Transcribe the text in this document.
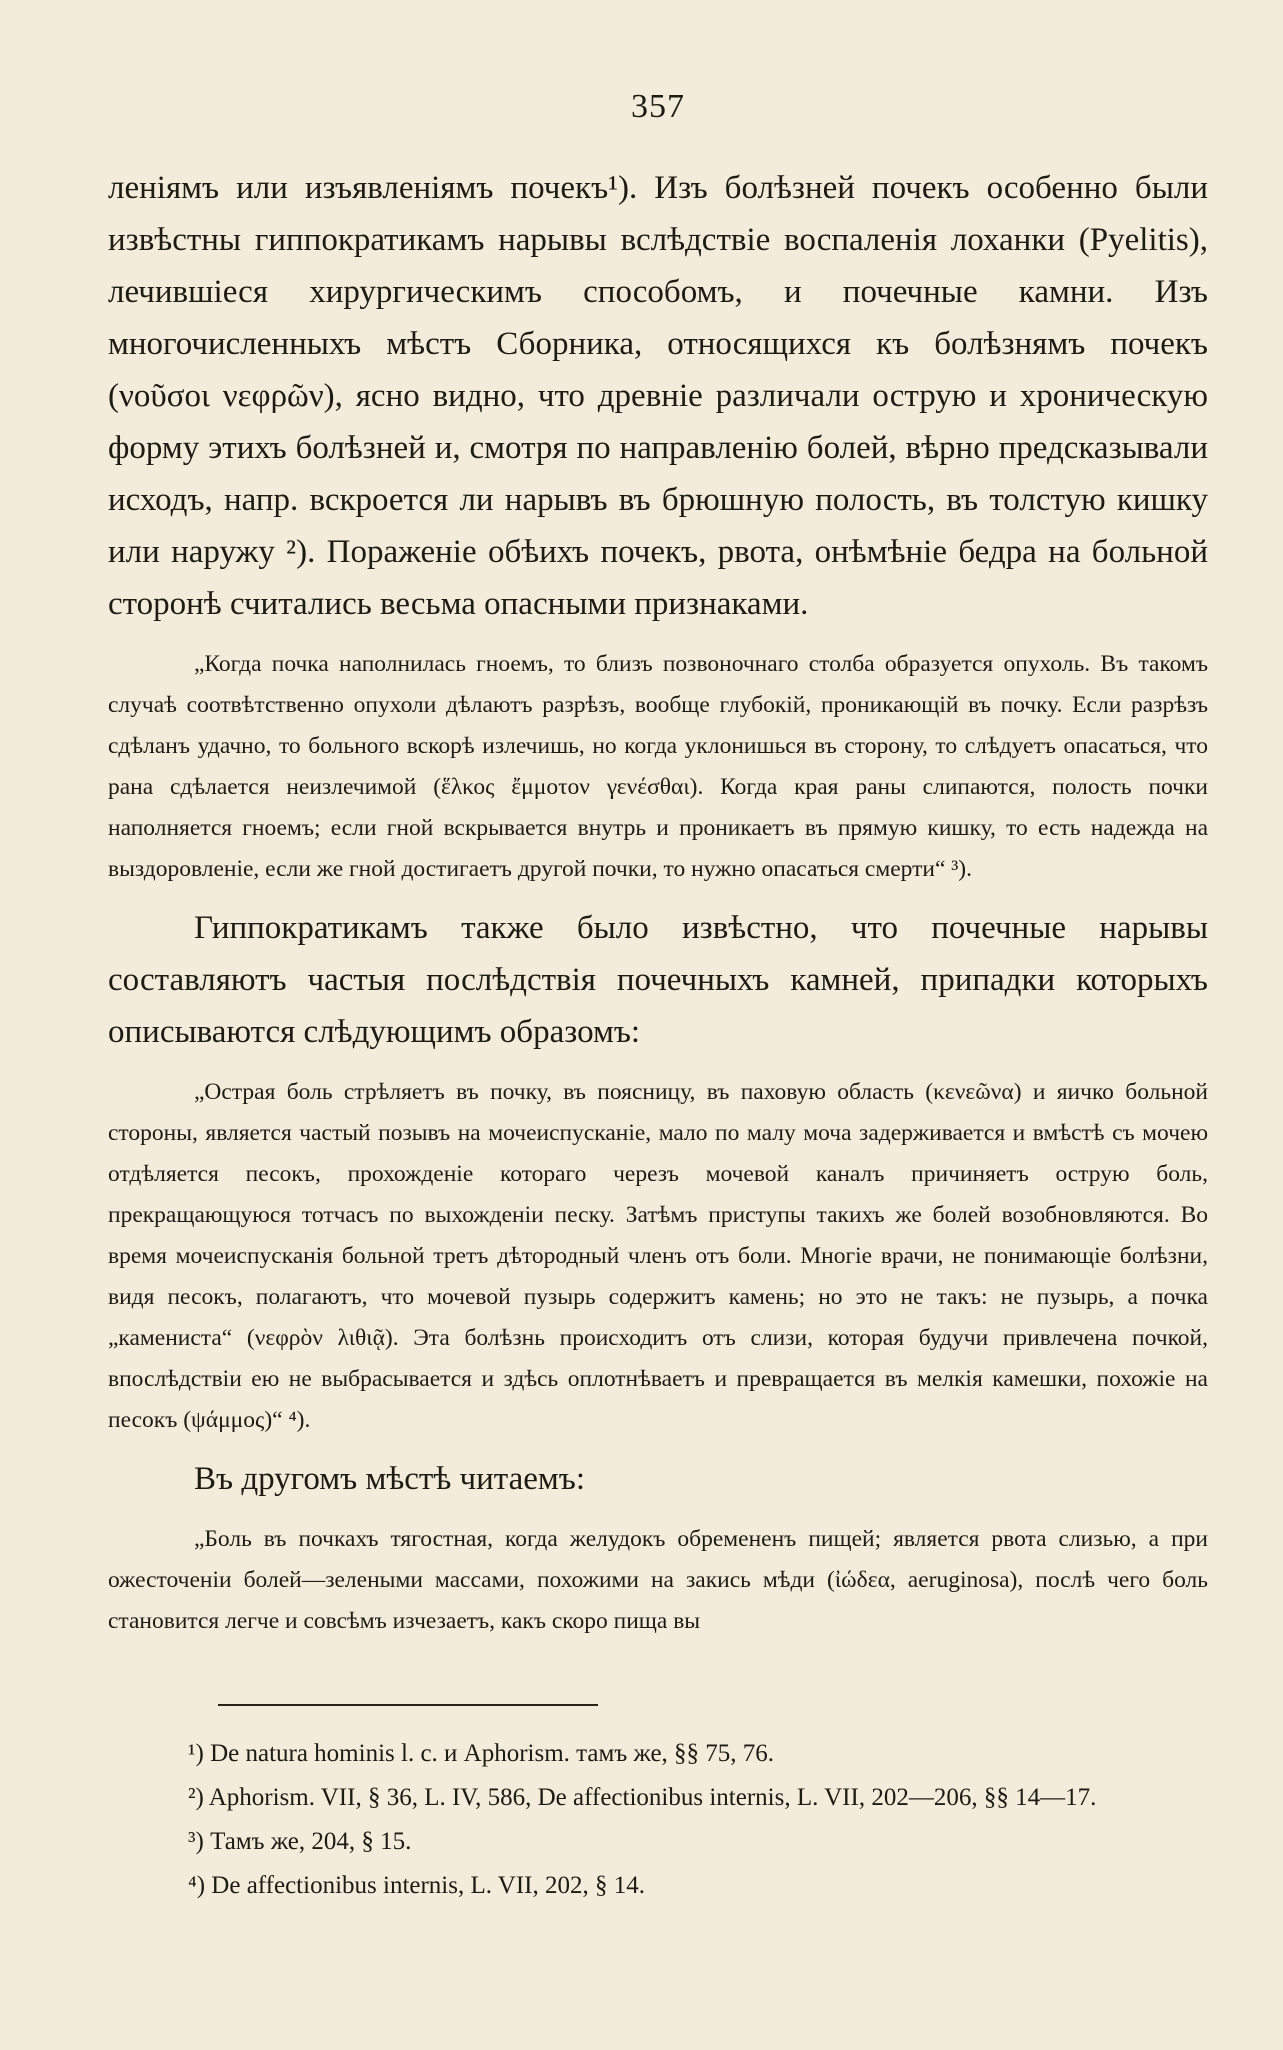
357

леніямъ или изъявленіямъ почекъ¹). Изъ болѣзней почекъ особенно были извѣстны гиппократикамъ нарывы вслѣдствіе воспаленія лоханки (Pyelitis), лечившіеся хирургическимъ способомъ, и почечные камни. Изъ многочисленныхъ мѣстъ Сборника, относящихся къ болѣзнямъ почекъ (νοῦσοι νεφρῶν), ясно видно, что древніе различали острую и хроническую форму этихъ болѣзней и, смотря по направленію болей, вѣрно предсказывали исходъ, напр. вскроется ли нарывъ въ брюшную полость, въ толстую кишку или наружу ²). Пораженіе обѣихъ почекъ, рвота, онѣмѣніе бедра на больной сторонѣ считались весьма опасными признаками.

„Когда почка наполнилась гноемъ, то близъ позвоночнаго столба образуется опухоль. Въ такомъ случаѣ соотвѣтственно опухоли дѣлаютъ разрѣзъ, вообще глубокій, проникающій въ почку. Если разрѣзъ сдѣланъ удачно, то больного вскорѣ излечишь, но когда уклонишься въ сторону, то слѣдуетъ опасаться, что рана сдѣлается неизлечимой (ἕλκος ἔμμοτον γενέσθαι). Когда края раны слипаются, полость почки наполняется гноемъ; если гной вскрывается внутрь и проникаетъ въ прямую кишку, то есть надежда на выздоровленіе, если же гной достигаетъ другой почки, то нужно опасаться смерти“ ³).

Гиппократикамъ также было извѣстно, что почечные нарывы составляютъ частыя послѣдствія почечныхъ камней, припадки которыхъ описываются слѣдующимъ образомъ:

„Острая боль стрѣляетъ въ почку, въ поясницу, въ паховую область (κενεῶνα) и яичко больной стороны, является частый позывъ на мочеиспусканіе, мало по малу моча задерживается и вмѣстѣ съ мочею отдѣляется песокъ, прохожденіе котораго черезъ мочевой каналъ причиняетъ острую боль, прекращающуюся тотчасъ по выхожденіи песку. Затѣмъ приступы такихъ же болей возобновляются. Во время мочеиспусканія больной третъ дѣтородный членъ отъ боли. Многіе врачи, не понимающіе болѣзни, видя песокъ, полагаютъ, что мочевой пузырь содержитъ камень; но это не такъ: не пузырь, а почка „камениста“ (νεφρὸν λιθιᾷ). Эта болѣзнь происходитъ отъ слизи, которая будучи привлечена почкой, впослѣдствіи ею не выбрасывается и здѣсь оплотнѣваетъ и превращается въ мелкія камешки, похожіе на песокъ (ψάμμος)“ ⁴).

Въ другомъ мѣстѣ читаемъ:

„Боль въ почкахъ тягостная, когда желудокъ обремененъ пищей; является рвота слизью, а при ожесточеніи болей—зелеными массами, похожими на закись мѣди (ἰώδεα, aeruginosa), послѣ чего боль становится легче и совсѣмъ изчезаетъ, какъ скоро пища вы

¹) De natura hominis l. c. и Aphorism. тамъ же, §§ 75, 76.

²) Aphorism. VII, § 36, L. IV, 586, De affectionibus internis, L. VII, 202—206, §§ 14—17.

³) Тамъ же, 204, § 15.

⁴) De affectionibus internis, L. VII, 202, § 14.
